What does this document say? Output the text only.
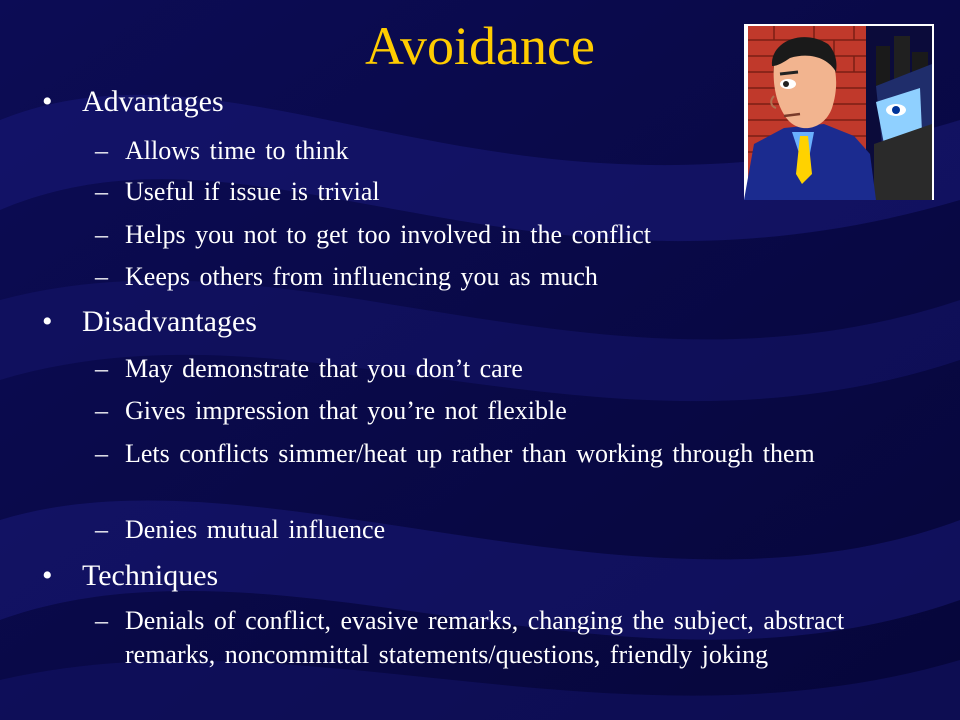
Avoidance
• Advantages
– Allows time to think
– Useful if issue is trivial
– Helps you not to get too involved in the conflict
– Keeps others from influencing you as much
• Disadvantages
– May demonstrate that you don’t care
– Gives impression that you’re not flexible
– Lets conflicts simmer/heat up rather than working through them
– Denies mutual influence
• Techniques
– Denials of conflict, evasive remarks, changing the subject, abstract remarks, noncommittal statements/questions, friendly joking
